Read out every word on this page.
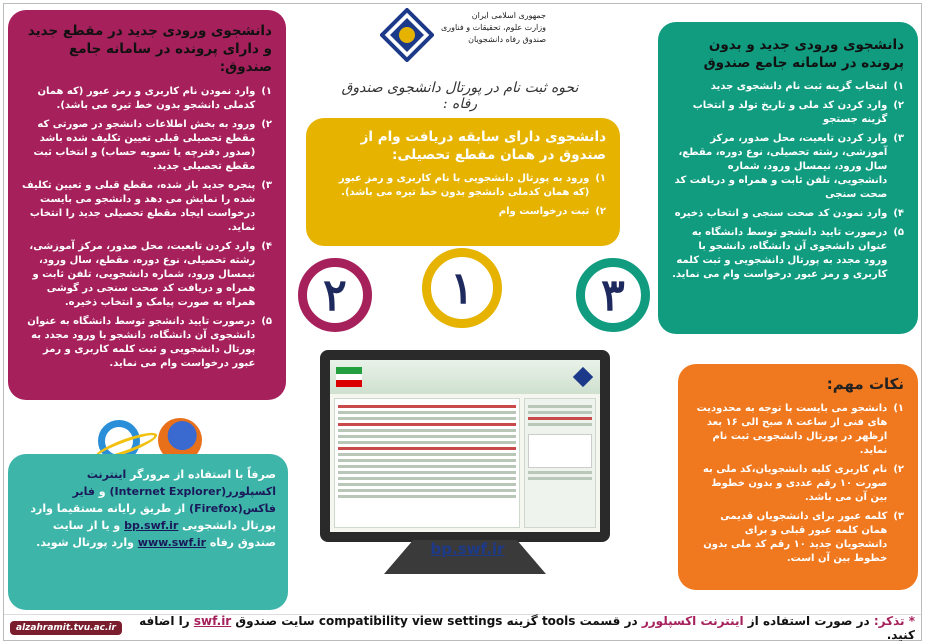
جمهوری اسلامی ایران
وزارت علوم، تحقیقات و فناوری
صندوق رفاه دانشجویان
نحوه ثبت نام در پورتال دانشجوی صندوق رفاه :
دانشجوی ورودی جدید در مقطع جدید و دارای پرونده در سامانه جامع صندوق:
۱)
وارد نمودن نام کاربری و رمز عبور (که همان کدملی دانشجو بدون خط تیره می باشد).
۲)
ورود به بخش اطلاعات دانشجو در صورتی که مقطع تحصیلی قبلی تعیین تکلیف شده باشد (صدور دفترچه یا تسویه حساب) و انتخاب ثبت مقطع تحصیلی جدید.
۳)
پنجره جدید باز شده، مقطع قبلی و تعیین تکلیف شده را نمایش می دهد و دانشجو می بایست درخواست ایجاد مقطع تحصیلی جدید را انتخاب نماید.
۴)
وارد کردن تابعیت، محل صدور، مرکز آموزشی، رشته تحصیلی، نوع دوره، مقطع، سال ورود، نیمسال ورود، شماره دانشجویی، تلفن ثابت و همراه و دریافت کد صحت سنجی در گوشی همراه به صورت پیامک و انتخاب ذخیره.
۵)
درصورت تایید دانشجو توسط دانشگاه به عنوان دانشجوی آن دانشگاه، دانشجو با ورود مجدد به پورتال دانشجویی و ثبت کلمه کاربری و رمز عبور درخواست وام می نماید.
دانشجوی دارای سابقه دریافت وام از صندوق در همان مقطع تحصیلی:
۱)
ورود به پورتال دانشجویی با نام کاربری و رمز عبور (که همان کدملی دانشجو بدون خط تیره می باشد).
۲)
ثبت درخواست وام
دانشجوی ورودی جدید و بدون پرونده در سامانه جامع صندوق
۱)
انتخاب گزینه ثبت نام دانشجوی جدید
۲)
وارد کردن کد ملی و تاریخ تولد و انتخاب گزینه جستجو
۳)
وارد کردن تابعیت، محل صدور، مرکز آموزشی، رشته تحصیلی، نوع دوره، مقطع، سال ورود، نیمسال ورود، شماره دانشجویی، تلفن ثابت و همراه و دریافت کد صحت سنجی
۴)
وارد نمودن کد صحت سنجی و انتخاب ذخیره
۵)
درصورت تایید دانشجو توسط دانشگاه به عنوان دانشجوی آن دانشگاه، دانشجو با ورود مجدد به پورتال دانشجویی و ثبت کلمه کاربری و رمز عبور درخواست وام می نماید.
۱
۲	۳
bp.swf.ir
نکات مهم:
۱)
دانشجو می بایست با توجه به محدودیت های فنی از ساعت ۸ صبح الی ۱۶ بعد ازظهر در پورتال دانشجویی ثبت نام نماید.
۲)
نام کاربری کلیه دانشجویان،کد ملی به صورت ۱۰ رقم عددی و بدون خطوط بین آن می باشد.
۳)
کلمه عبور برای دانشجویان قدیمی همان کلمه عبور قبلی و برای دانشجویان جدید ۱۰ رقم کد ملی بدون خطوط بین آن است.

صرفاً با استفاده از مرورگر اینترنت اکسپلورر(Internet Explorer) و فایر فاکس(Firefox) از طریق رایانه مستقیما وارد پورتال دانشجویی bp.swf.ir و یا از سایت صندوق رفاه www.swf.ir وارد پورتال شوید.

alzahramit.tvu.ac.ir	* تذکر: در صورت استفاده از اینترنت اکسپلورر در قسمت tools گزینه compatibility view settings سایت صندوق swf.ir را اضافه کنید.
